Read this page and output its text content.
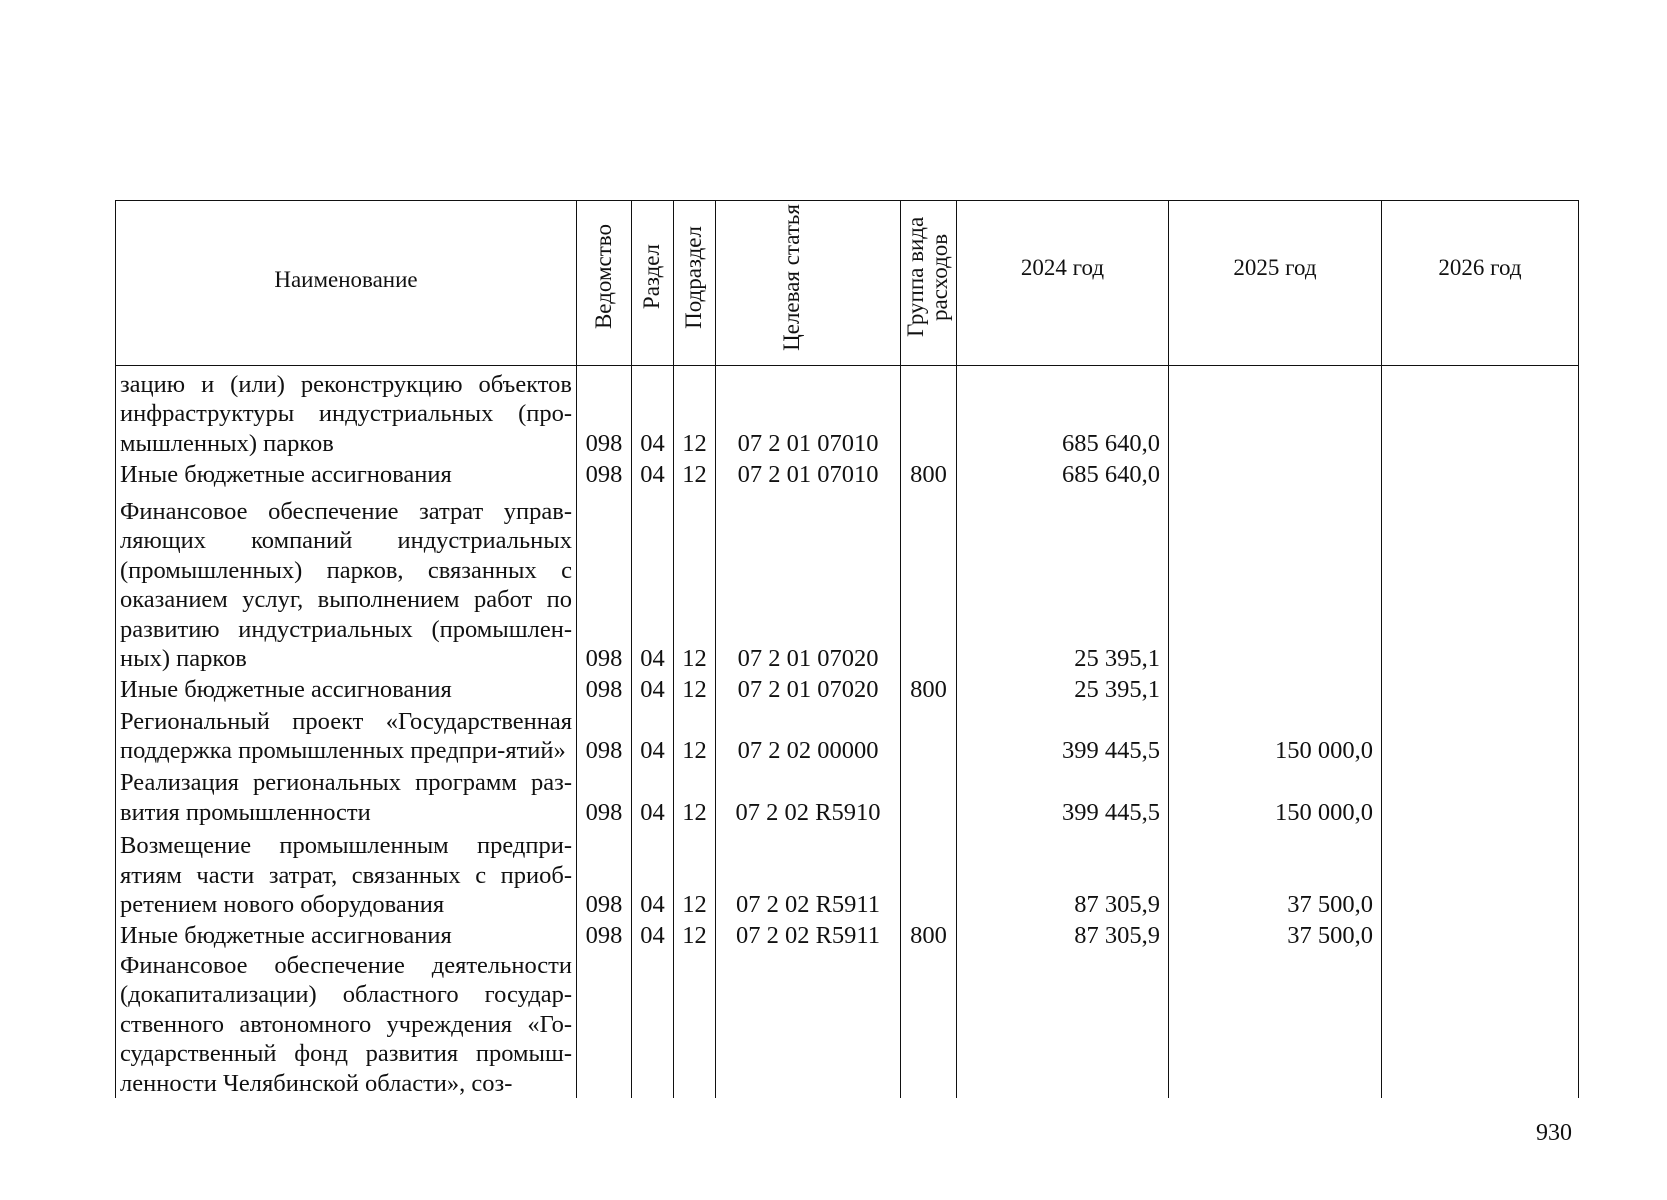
Наименование	Ведомство	Раздел	Подраздел	Целевая статья	Группа вида расходов	2024 год	2025 год	2026 год
зацию и (или) реконструкцию объектов инфраструктуры индустриальных (про-мышленных) парков	098	04	12	07 2 01 07010		685 640,0		
Иные бюджетные ассигнования	098	04	12	07 2 01 07010	800	685 640,0		
Финансовое обеспечение затрат управ-ляющих компаний индустриальных (промышленных) парков, связанных с оказанием услуг, выполнением работ по развитию индустриальных (промышлен-ных) парков	098	04	12	07 2 01 07020		25 395,1		
Иные бюджетные ассигнования	098	04	12	07 2 01 07020	800	25 395,1		
Региональный проект «Государственная поддержка промышленных предпри-ятий»	098	04	12	07 2 02 00000		399 445,5	150 000,0	
Реализация региональных программ раз-вития промышленности	098	04	12	07 2 02 R5910		399 445,5	150 000,0	
Возмещение промышленным предпри-ятиям части затрат, связанных с приоб-ретением нового оборудования	098	04	12	07 2 02 R5911		87 305,9	37 500,0	
Иные бюджетные ассигнования	098	04	12	07 2 02 R5911	800	87 305,9	37 500,0	
Финансовое обеспечение деятельности (докапитализации) областного государ-ственного автономного учреждения «Го-сударственный фонд развития промыш-ленности Челябинской области», соз-								
930
